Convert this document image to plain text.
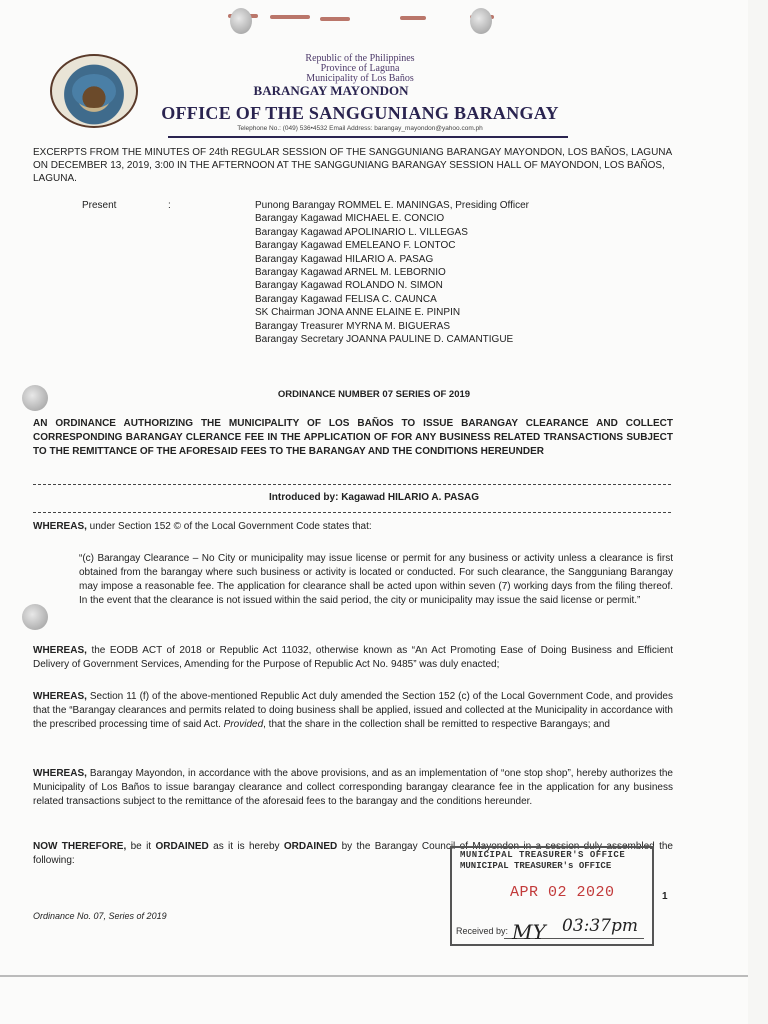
Republic of the Philippines
Province of Laguna
Municipality of Los Baños
BARANGAY MAYONDON
OFFICE OF THE SANGGUNIANG BARANGAY
Telephone No.: (049) 536•4532 Email Address: barangay_mayondon@yahoo.com.ph
EXCERPTS FROM THE MINUTES OF 24th REGULAR SESSION OF THE SANGGUNIANG BARANGAY MAYONDON, LOS BAÑOS, LAGUNA ON DECEMBER 13, 2019, 3:00 IN THE AFTERNOON AT THE SANGGUNIANG BARANGAY SESSION HALL OF MAYONDON, LOS BAÑOS, LAGUNA.
Present	:	Punong Barangay ROMMEL E. MANINGAS, Presiding Officer
Barangay Kagawad MICHAEL E. CONCIO
Barangay Kagawad APOLINARIO L. VILLEGAS
Barangay Kagawad EMELEANO F. LONTOC
Barangay Kagawad HILARIO A. PASAG
Barangay Kagawad ARNEL M. LEBORNIO
Barangay Kagawad ROLANDO N. SIMON
Barangay Kagawad FELISA C. CAUNCA
SK Chairman JONA ANNE ELAINE E. PINPIN
Barangay Treasurer MYRNA M. BIGUERAS
Barangay Secretary JOANNA PAULINE D. CAMANTIGUE
ORDINANCE NUMBER 07 SERIES OF 2019
AN ORDINANCE AUTHORIZING THE MUNICIPALITY OF LOS BAÑOS TO ISSUE BARANGAY CLEARANCE AND COLLECT CORRESPONDING BARANGAY CLERANCE FEE IN THE APPLICATION OF FOR ANY BUSINESS RELATED TRANSACTIONS SUBJECT TO THE REMITTANCE OF THE AFORESAID FEES TO THE BARANGAY AND THE CONDITIONS HEREUNDER
Introduced by: Kagawad HILARIO A. PASAG
WHEREAS, under Section 152 © of the Local Government Code states that:
“(c) Barangay Clearance – No City or municipality may issue license or permit for any business or activity unless a clearance is first obtained from the barangay where such business or activity is located or conducted. For such clearance, the Sangguniang Barangay may impose a reasonable fee. The application for clearance shall be acted upon within seven (7) working days from the filing thereof. In the event that the clearance is not issued within the said period, the city or municipality may issue the said license or permit.”
WHEREAS, the EODB ACT of 2018 or Republic Act 11032, otherwise known as “An Act Promoting Ease of Doing Business and Efficient Delivery of Government Services, Amending for the Purpose of Republic Act No. 9485” was duly enacted;
WHEREAS, Section 11 (f) of the above-mentioned Republic Act duly amended the Section 152 (c) of the Local Government Code, and provides that the “Barangay clearances and permits related to doing business shall be applied, issued and collected at the Municipality in accordance with the prescribed processing time of said Act. Provided, that the share in the collection shall be remitted to respective Barangays; and
WHEREAS, Barangay Mayondon, in accordance with the above provisions, and as an implementation of “one stop shop”, hereby authorizes the Municipality of Los Baños to issue barangay clearance and collect corresponding barangay clearance fee in the application for any business related transactions subject to the remittance of the aforesaid fees to the barangay and the conditions hereunder.
NOW THEREFORE, be it ORDAINED as it is hereby ORDAINED by the Barangay Council of Mayondon in a session duly assembled the following:	MUNICIPAL TREASURER'S OFFICE
MUNICIPAL TREASURER's OFFICE
APR 02 2020
Received by: MY 03:37pm
1
Ordinance No. 07, Series of 2019
